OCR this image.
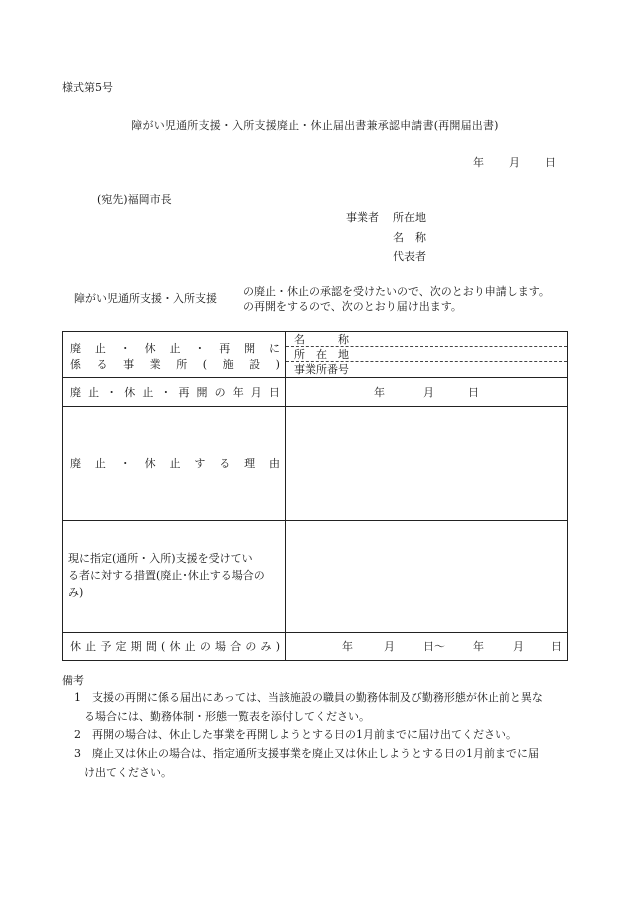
様式第5号
障がい児通所支援・入所支援廃止・休止届出書兼承認申請書(再開届出書)
年 月 日
(宛先)福岡市長
事業者 所在地
名　称
代表者
障がい児通所支援・入所支援
の廃止・休止の承認を受けたいので、次のとおり申請します。
の再開をするので、次のとおり届け出ます。
廃 止 ・ 休 止 ・ 再 開 に
係 る 事 業 所 ( 施 設 )
名　　　称
所　在　地
事業所番号
廃 止 ・ 休 止 ・ 再 開 の 年 月 日	年	月	日
廃 止 ・ 休 止 す る 理 由
現に指定(通所・入所)支援を受けてい
る者に対する措置(廃止･休止する場合の
み)
休 止 予 定 期 間 ( 休 止 の 場 合 の み )	年	月	日～	年	月 日
備考
1　支援の再開に係る届出にあっては、当該施設の職員の勤務体制及び勤務形態が休止前と異な
る場合には、勤務体制・形態一覧表を添付してください。
2　再開の場合は、休止した事業を再開しようとする日の1月前までに届け出てください。
3　廃止又は休止の場合は、指定通所支援事業を廃止又は休止しようとする日の1月前までに届
け出てください。
